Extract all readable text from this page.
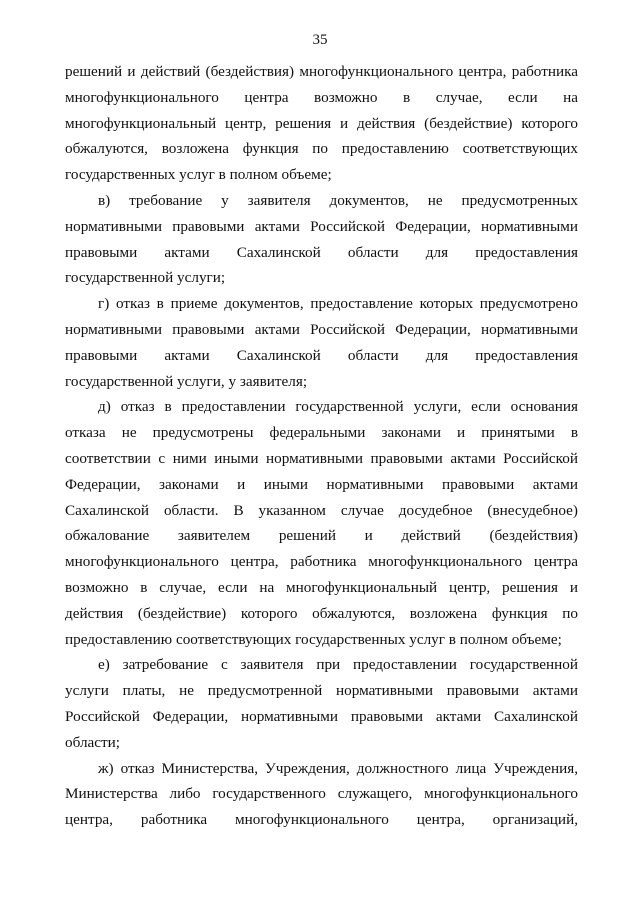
35
решений и действий (бездействия) многофункционального центра, работника
многофункционального центра возможно в случае, если на
многофункциональный центр, решения и действия (бездействие) которого
обжалуются, возложена функция по предоставлению соответствующих
государственных услуг в полном объеме;
в) требование у заявителя документов, не предусмотренных
нормативными правовыми актами Российской Федерации, нормативными
правовыми актами Сахалинской области для предоставления
государственной услуги;
г) отказ в приеме документов, предоставление которых предусмотрено
нормативными правовыми актами Российской Федерации, нормативными
правовыми актами Сахалинской области для предоставления
государственной услуги, у заявителя;
д) отказ в предоставлении государственной услуги, если основания
отказа не предусмотрены федеральными законами и принятыми в
соответствии с ними иными нормативными правовыми актами Российской
Федерации, законами и иными нормативными правовыми актами
Сахалинской области. В указанном случае досудебное (внесудебное)
обжалование заявителем решений и действий (бездействия)
многофункционального центра, работника многофункционального центра
возможно в случае, если на многофункциональный центр, решения и
действия (бездействие) которого обжалуются, возложена функция по
предоставлению соответствующих государственных услуг в полном объеме;
е) затребование с заявителя при предоставлении государственной
услуги платы, не предусмотренной нормативными правовыми актами
Российской Федерации, нормативными правовыми актами Сахалинской
области;
ж) отказ Министерства, Учреждения, должностного лица Учреждения,
Министерства либо государственного служащего, многофункционального
центра, работника многофункционального центра, организаций,
